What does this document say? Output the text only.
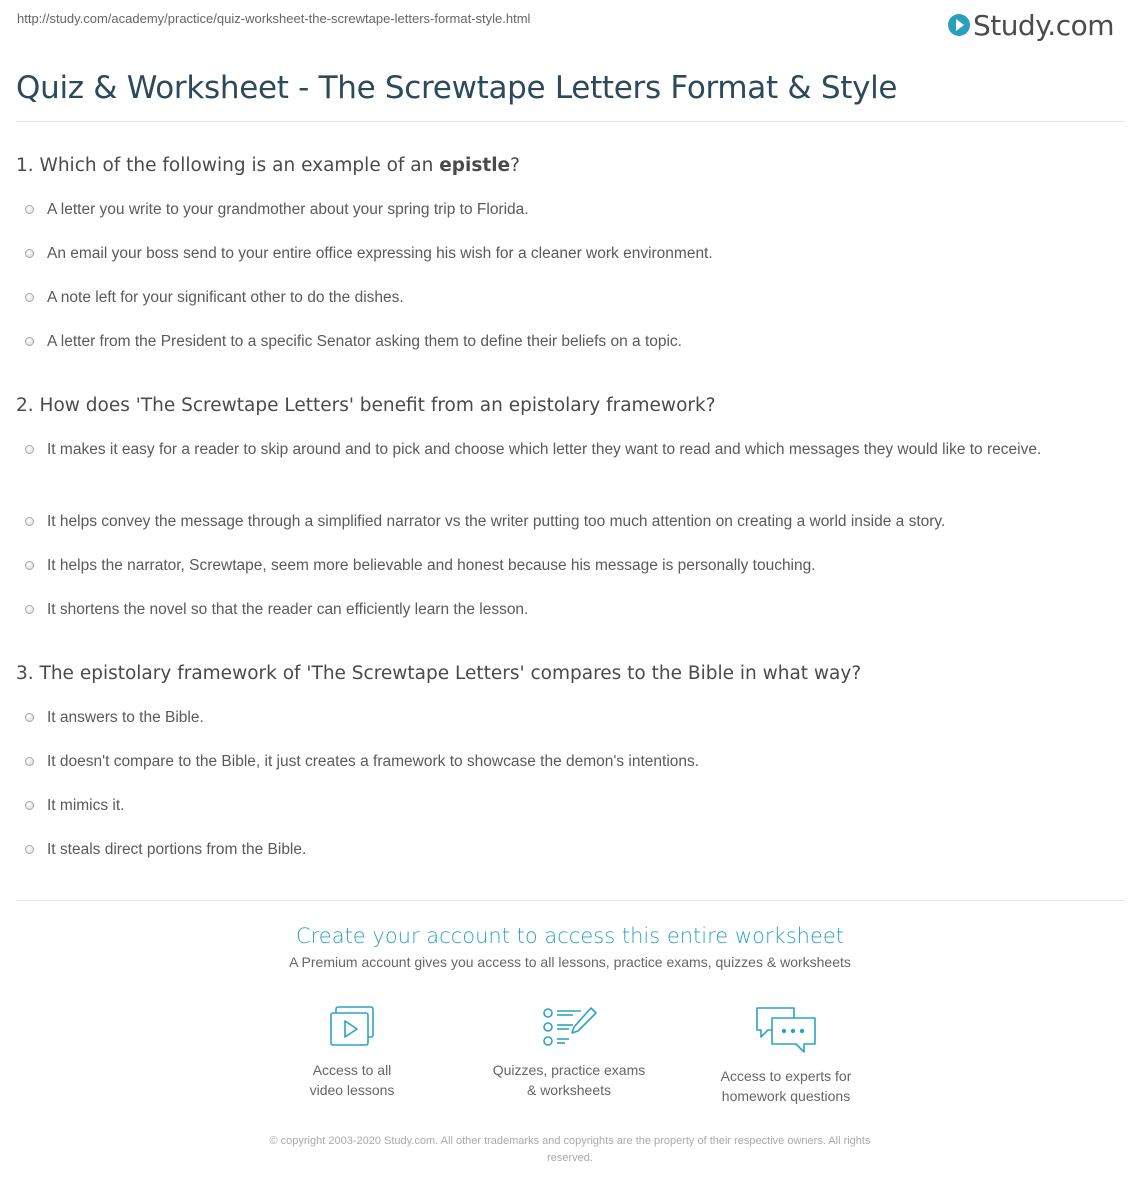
http://study.com/academy/practice/quiz-worksheet-the-screwtape-letters-format-style.html	Study.com
Quiz & Worksheet - The Screwtape Letters Format & Style
1. Which of the following is an example of an epistle?
A letter you write to your grandmother about your spring trip to Florida.
An email your boss send to your entire office expressing his wish for a cleaner work environment.
A note left for your significant other to do the dishes.
A letter from the President to a specific Senator asking them to define their beliefs on a topic.
2. How does 'The Screwtape Letters' benefit from an epistolary framework?
It makes it easy for a reader to skip around and to pick and choose which letter they want to read and which messages they would like to receive.
It helps convey the message through a simplified narrator vs the writer putting too much attention on creating a world inside a story.
It helps the narrator, Screwtape, seem more believable and honest because his message is personally touching.
It shortens the novel so that the reader can efficiently learn the lesson.
3. The epistolary framework of 'The Screwtape Letters' compares to the Bible in what way?
It answers to the Bible.
It doesn't compare to the Bible, it just creates a framework to showcase the demon's intentions.
It mimics it.
It steals direct portions from the Bible.
Create your account to access this entire worksheet
A Premium account gives you access to all lessons, practice exams, quizzes & worksheets
Access to all
video lessons
Quizzes, practice exams
& worksheets
Access to experts for
homework questions
© copyright 2003-2020 Study.com. All other trademarks and copyrights are the property of their respective owners. All rights
reserved.
